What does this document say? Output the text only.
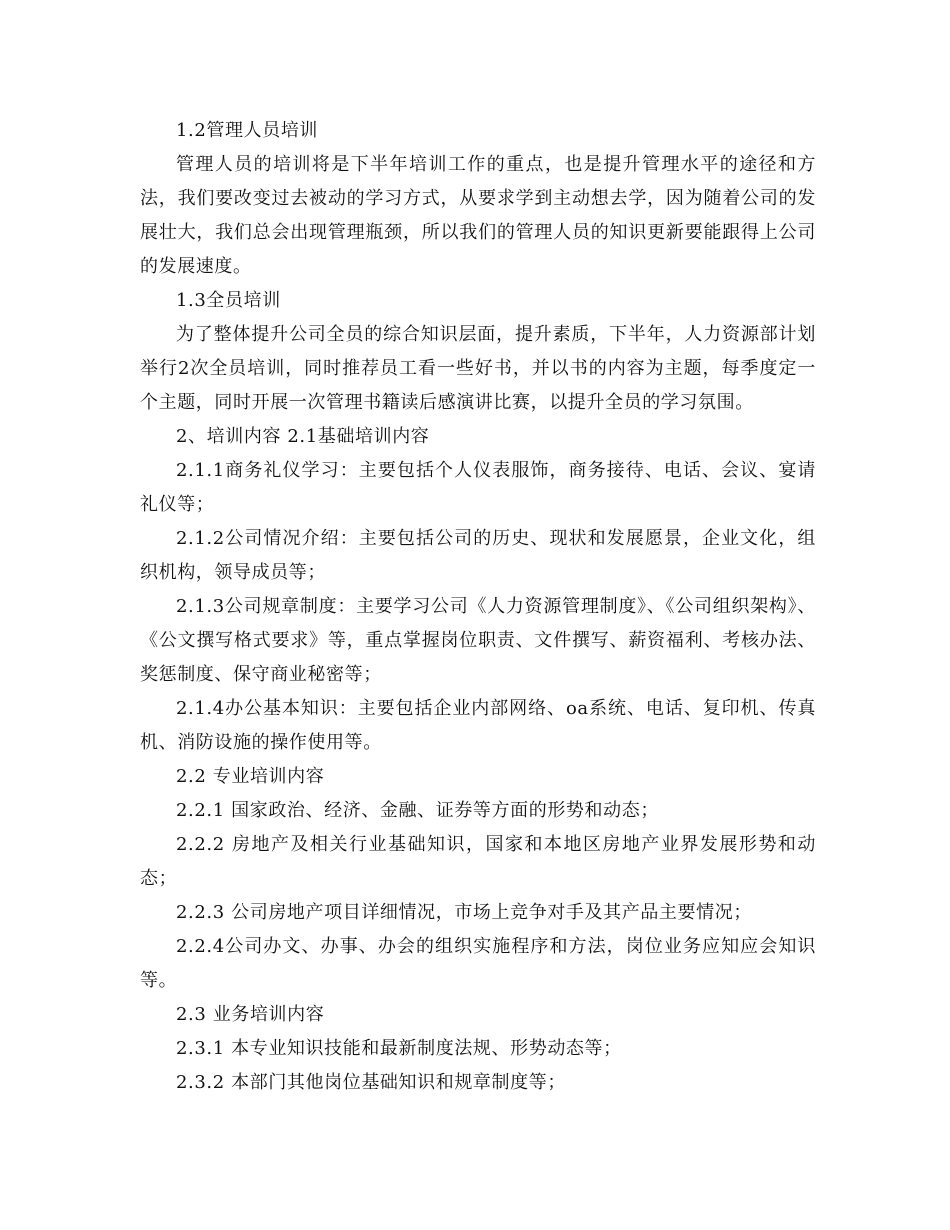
1.2管理人员培训

管理人员的培训将是下半年培训工作的重点，也是提升管理水平的途径和方法，我们要改变过去被动的学习方式，从要求学到主动想去学，因为随着公司的发展壮大，我们总会出现管理瓶颈，所以我们的管理人员的知识更新要能跟得上公司的发展速度。

1.3全员培训

为了整体提升公司全员的综合知识层面，提升素质，下半年，人力资源部计划举行2次全员培训，同时推荐员工看一些好书，并以书的内容为主题，每季度定一个主题，同时开展一次管理书籍读后感演讲比赛，以提升全员的学习氛围。

2、培训内容 2.1基础培训内容

2.1.1商务礼仪学习：主要包括个人仪表服饰，商务接待、电话、会议、宴请礼仪等；

2.1.2公司情况介绍：主要包括公司的历史、现状和发展愿景，企业文化，组织机构，领导成员等；

2.1.3公司规章制度：主要学习公司《人力资源管理制度》、《公司组织架构》、《公文撰写格式要求》等，重点掌握岗位职责、文件撰写、薪资福利、考核办法、奖惩制度、保守商业秘密等；

2.1.4办公基本知识：主要包括企业内部网络、oa系统、电话、复印机、传真机、消防设施的操作使用等。

2.2 专业培训内容

2.2.1 国家政治、经济、金融、证券等方面的形势和动态；

2.2.2 房地产及相关行业基础知识，国家和本地区房地产业界发展形势和动态；

2.2.3 公司房地产项目详细情况，市场上竞争对手及其产品主要情况；

2.2.4公司办文、办事、办会的组织实施程序和方法，岗位业务应知应会知识等。

2.3 业务培训内容

2.3.1 本专业知识技能和最新制度法规、形势动态等；

2.3.2 本部门其他岗位基础知识和规章制度等；
